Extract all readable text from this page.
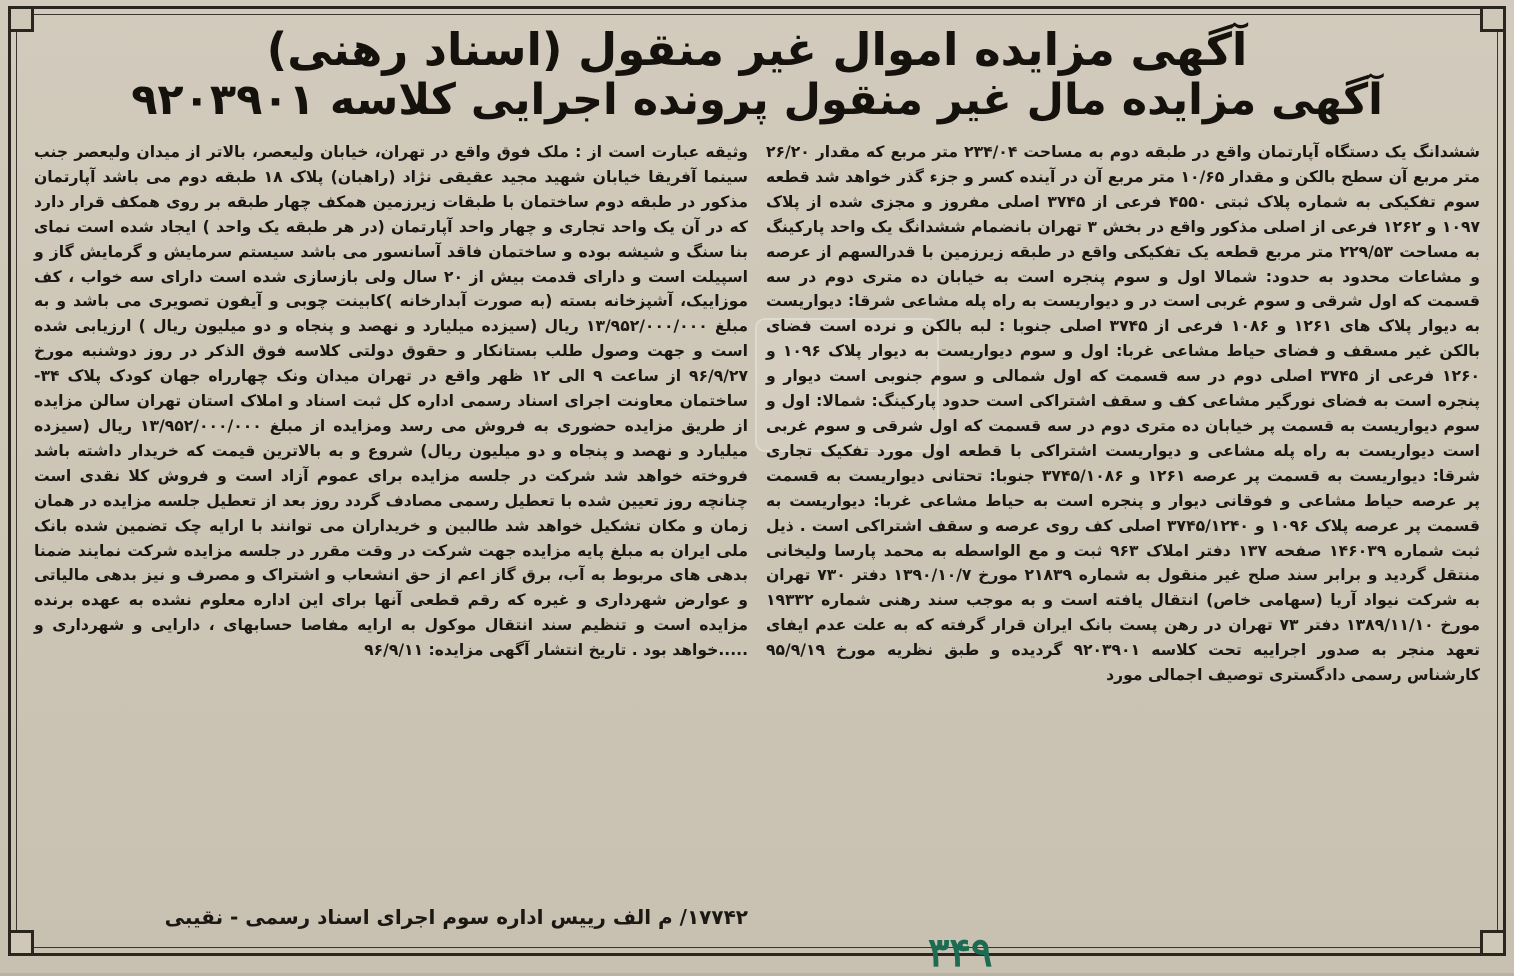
آگهی مزایده اموال غیر منقول (اسناد رهنی)
آگهی مزایده مال غیر منقول پرونده اجرایی کلاسه ۹۲۰۳۹۰۱
ششدانگ یک دستگاه آپارتمان واقع در طبقه دوم به مساحت ۲۳۴/۰۴ متر مربع که مقدار ۲۶/۲۰ متر مربع آن سطح بالکن و مقدار ۱۰/۶۵ متر مربع آن در آینده کسر و جزء گذر خواهد شد قطعه سوم تفکیکی به شماره پلاک ثبتی ۴۵۵۰ فرعی از ۳۷۴۵ اصلی مفروز و مجزی شده از پلاک ۱۰۹۷ و ۱۲۶۲ فرعی از اصلی مذکور واقع در بخش ۳ تهران بانضمام ششدانگ یک واحد پارکینگ به مساحت ۲۲۹/۵۳ متر مربع قطعه یک تفکیکی واقع در طبقه زیرزمین با قدرالسهم از عرصه و مشاعات محدود به حدود: شمالا اول و سوم پنجره است به خیابان ده متری دوم در سه قسمت که اول شرقی و سوم غربی است در و دیواریست به راه پله مشاعی شرقا: دیواریست به دیوار پلاک های ۱۲۶۱ و ۱۰۸۶ فرعی از ۳۷۴۵ اصلی جنوبا : لبه بالکن و نرده است فضای بالکن غیر مسقف و فضای حیاط مشاعی غربا: اول و سوم دیواریست به دیوار پلاک ۱۰۹۶ و ۱۲۶۰ فرعی از ۳۷۴۵ اصلی دوم در سه قسمت که اول شمالی و سوم جنوبی است دیوار و پنجره است به فضای نورگیر مشاعی کف و سقف اشتراکی است حدود پارکینگ: شمالا: اول و سوم دیواریست به قسمت پر خیابان ده متری دوم در سه قسمت که اول شرقی و سوم غربی است دیواریست به راه پله مشاعی و دیواریست اشتراکی با قطعه اول مورد تفکیک تجاری شرقا: دیواریست به قسمت پر عرصه ۱۲۶۱ و ۳۷۴۵/۱۰۸۶ جنوبا: تحتانی دیواریست به قسمت پر عرصه حیاط مشاعی و فوقانی دیوار و پنجره است به حیاط مشاعی غربا: دیواریست به قسمت پر عرصه پلاک ۱۰۹۶ و ۳۷۴۵/۱۲۴۰ اصلی کف روی عرصه و سقف اشتراکی است . ذیل ثبت شماره ۱۴۶۰۳۹ صفحه ۱۳۷ دفتر املاک ۹۶۳ ثبت و مع الواسطه به محمد پارسا ولیخانی منتقل گردید و برابر سند صلح غیر منقول به شماره ۲۱۸۳۹ مورخ ۱۳۹۰/۱۰/۷ دفتر ۷۳۰ تهران به شرکت نیواد آریا (سهامی خاص) انتقال یافته است و به موجب سند رهنی شماره ۱۹۳۳۲ مورخ ۱۳۸۹/۱۱/۱۰ دفتر ۷۳ تهران در رهن پست بانک ایران قرار گرفته که به علت عدم ایفای تعهد منجر به صدور اجراییه تحت کلاسه ۹۲۰۳۹۰۱ گردیده و طبق نظریه مورخ ۹۵/۹/۱۹ کارشناس رسمی دادگستری توصیف اجمالی مورد
وثیقه عبارت است از : ملک فوق واقع در تهران، خیابان ولیعصر، بالاتر از میدان ولیعصر جنب سینما آفریقا خیابان شهید مجید عقیقی نژاد (راهبان) پلاک ۱۸ طبقه دوم می باشد آپارتمان مذکور در طبقه دوم ساختمان با طبقات زیرزمین همکف چهار طبقه بر روی همکف قرار دارد که در آن یک واحد تجاری و چهار واحد آپارتمان (در هر طبقه یک واحد ) ایجاد شده است نمای بنا سنگ و شیشه بوده و ساختمان فاقد آسانسور می باشد سیستم سرمایش و گرمایش گاز و اسپیلت است و دارای قدمت بیش از ۲۰ سال ولی بازسازی شده است دارای سه خواب ، کف موزاییک، آشپزخانه بسته (به صورت آبدارخانه )کابینت چوبی و آیفون تصویری می باشد و به مبلغ ۱۳/۹۵۲/۰۰۰/۰۰۰ ریال (سیزده میلیارد و نهصد و پنجاه و دو میلیون ریال ) ارزیابی شده است و جهت وصول طلب بستانکار و حقوق دولتی کلاسه فوق الذکر در روز دوشنبه مورخ ۹۶/۹/۲۷ از ساعت ۹ الی ۱۲ ظهر واقع در تهران میدان ونک چهارراه جهان کودک پلاک ۳۴- ساختمان معاونت اجرای اسناد رسمی اداره کل ثبت اسناد و املاک استان تهران سالن مزایده از طریق مزایده حضوری به فروش می رسد ومزایده از مبلغ ۱۳/۹۵۲/۰۰۰/۰۰۰ ریال (سیزده میلیارد و نهصد و پنجاه و دو میلیون ریال) شروع و به بالاترین قیمت که خریدار داشته باشد فروخته خواهد شد شرکت در جلسه مزایده برای عموم آزاد است و فروش کلا نقدی است چنانچه روز تعیین شده با تعطیل رسمی مصادف گردد روز بعد از تعطیل جلسه مزایده در همان زمان و مکان تشکیل خواهد شد طالبین و خریداران می توانند با ارایه چک تضمین شده بانک ملی ایران به مبلغ پایه مزایده جهت شرکت در وقت مقرر در جلسه مزایده شرکت نمایند ضمنا بدهی های مربوط به آب، برق گاز اعم از حق انشعاب و اشتراک و مصرف و نیز بدهی مالیاتی و عوارض شهرداری و غیره که رقم قطعی آنها برای این اداره معلوم نشده به عهده برنده مزایده است و تنظیم سند انتقال موکول به ارایه مفاصا حسابهای ، دارایی و شهرداری و .....خواهد بود . تاریخ انتشار آگهی مزایده: ۹۶/۹/۱۱
۱۷۷۴۲/ م الف رییس اداره سوم اجرای اسناد رسمی - نقیبی
۳۴۹
